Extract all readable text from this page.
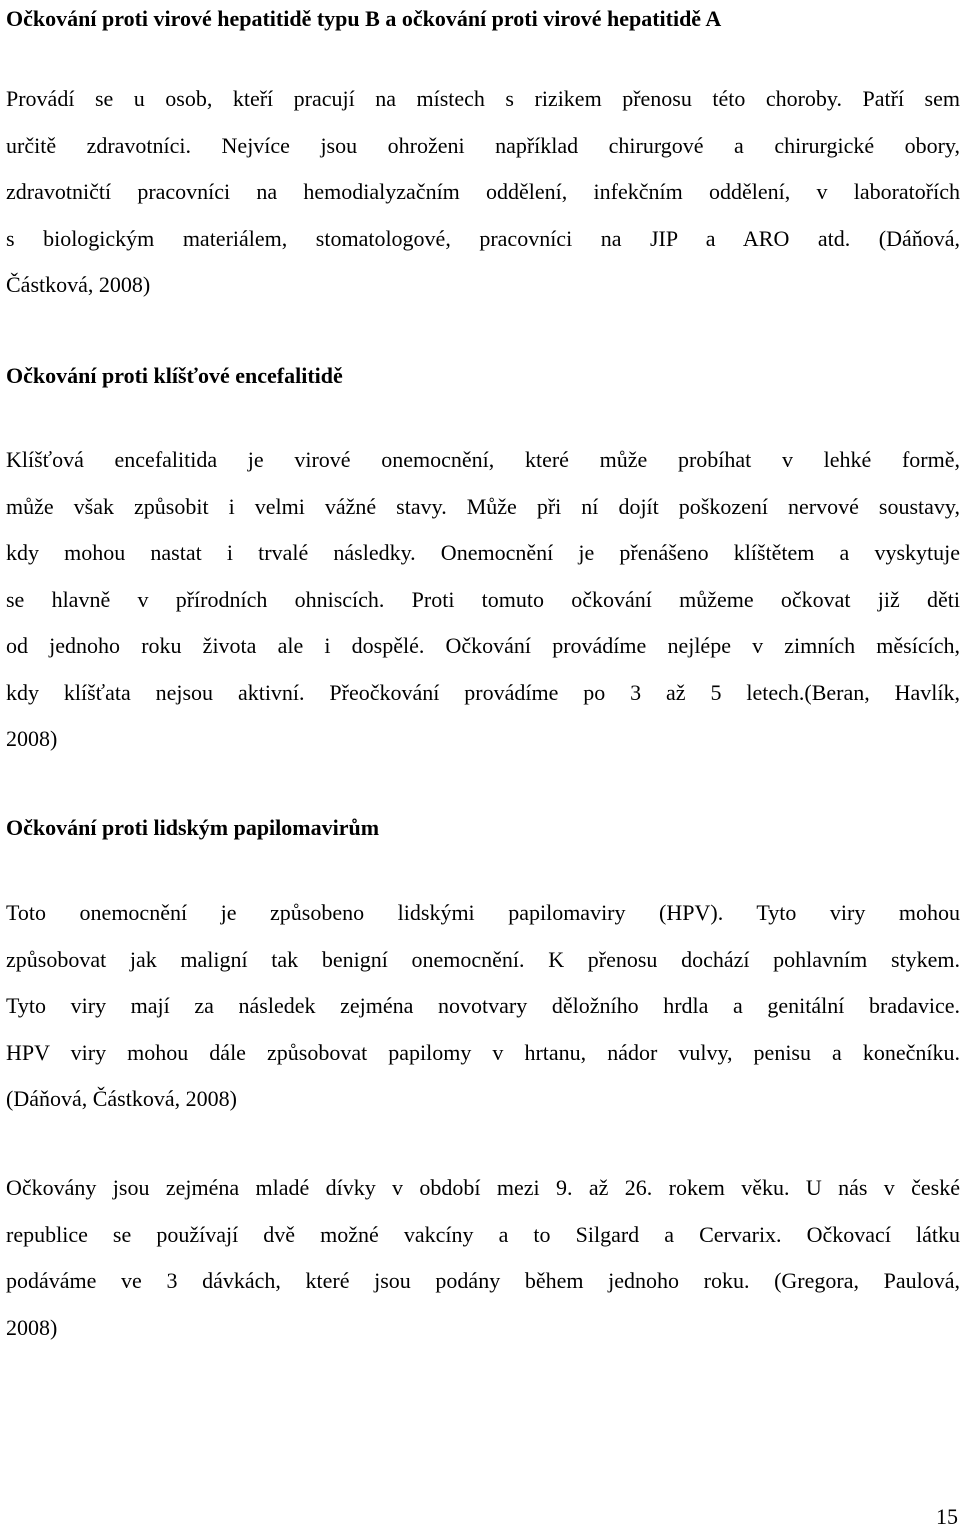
Očkování proti virové hepatitidě typu B a očkování proti virové hepatitidě A
Provádí se u osob, kteří pracují na místech s rizikem přenosu této choroby. Patří sem
určitě zdravotníci. Nejvíce jsou ohroženi například chirurgové a chirurgické obory,
zdravotničtí pracovníci na hemodialyzačním oddělení, infekčním oddělení, v laboratořích
s biologickým materiálem, stomatologové, pracovníci na JIP a ARO atd. (Dáňová,
Částková, 2008)
Očkování proti klíšťové encefalitidě
Klíšťová encefalitida je virové onemocnění, které může probíhat v lehké formě,
může však způsobit i velmi vážné stavy. Může při ní dojít poškození nervové soustavy,
kdy mohou nastat i trvalé následky. Onemocnění je přenášeno klíštětem a vyskytuje
se hlavně v přírodních ohniscích. Proti tomuto očkování můžeme očkovat již děti
od jednoho roku života ale i dospělé. Očkování provádíme nejlépe v zimních měsících,
kdy klíšťata nejsou aktivní. Přeočkování provádíme po 3 až 5 letech.(Beran, Havlík,
2008)
Očkování proti lidským papilomavirům
Toto onemocnění je způsobeno lidskými papilomaviry (HPV). Tyto viry mohou
způsobovat jak maligní tak benigní onemocnění. K přenosu dochází pohlavním stykem.
Tyto viry mají za následek zejména novotvary děložního hrdla a genitální bradavice.
HPV viry mohou dále způsobovat papilomy v hrtanu, nádor vulvy, penisu a konečníku.
(Dáňová, Částková, 2008)
Očkovány jsou zejména mladé dívky v období mezi 9. až 26. rokem věku. U nás v české
republice se používají dvě možné vakcíny a to Silgard a Cervarix. Očkovací látku
podáváme ve 3 dávkách, které jsou podány během jednoho roku. (Gregora, Paulová,
2008)
15
